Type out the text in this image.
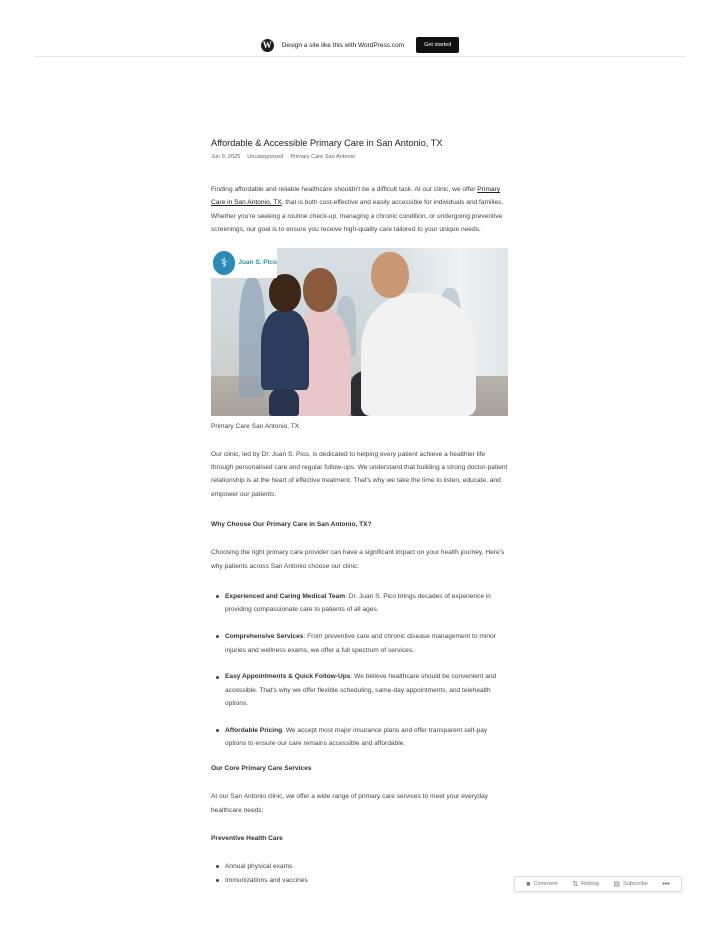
W	Design a site like this with WordPress.com	Get started
Affordable & Accessible Primary Care in San Antonio, TX
Jun 9, 2025 Uncategorized Primary Care San Antonio

Finding affordable and reliable healthcare shouldn't be a difficult task. At our clinic, we offer Primary Care in San Antonio, TX, that is both cost-effective and easily accessible for individuals and families. Whether you're seeking a routine check-up, managing a chronic condition, or undergoing preventive screenings, our goal is to ensure you receive high-quality care tailored to your unique needs.

⚕	Juan S. Pico

Primary Care San Antonio, TX

Our clinic, led by Dr. Juan S. Pico, is dedicated to helping every patient achieve a healthier life through personalised care and regular follow-ups. We understand that building a strong doctor-patient relationship is at the heart of effective treatment. That's why we take the time to listen, educate, and empower our patients.

Why Choose Our Primary Care in San Antonio, TX?

Choosing the right primary care provider can have a significant impact on your health journey. Here's why patients across San Antonio choose our clinic:

Experienced and Caring Medical Team: Dr. Juan S. Pico brings decades of experience in providing compassionate care to patients of all ages.
Comprehensive Services: From preventive care and chronic disease management to minor injuries and wellness exams, we offer a full spectrum of services.
Easy Appointments & Quick Follow-Ups: We believe healthcare should be convenient and accessible. That's why we offer flexible scheduling, same-day appointments, and telehealth options.
Affordable Pricing: We accept most major insurance plans and offer transparent self-pay options to ensure our care remains accessible and affordable.

Our Core Primary Care Services

At our San Antonio clinic, we offer a wide range of primary care services to meet your everyday healthcare needs:

Preventive Health Care

Annual physical exams
Immunizations and vaccines
■ Comment ⇅ Reblog ▤ Subscribe •••
